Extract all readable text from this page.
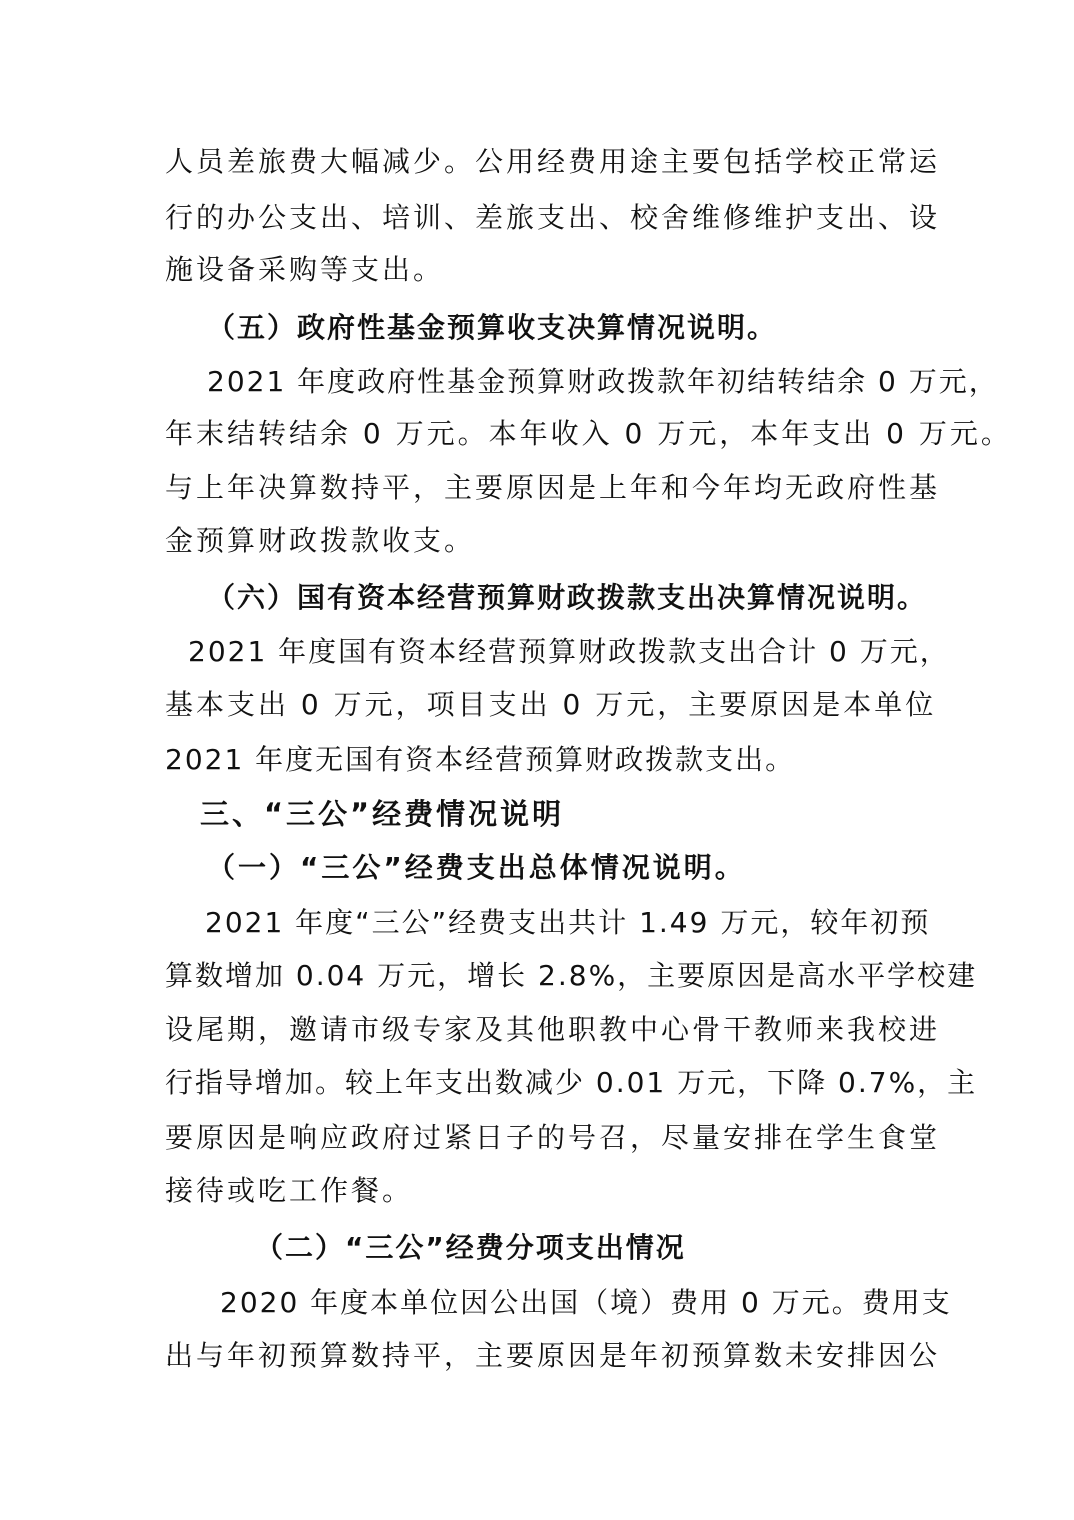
人员差旅费大幅减少。公用经费用途主要包括学校正常运
行的办公支出、培训、差旅支出、校舍维修维护支出、设
施设备采购等支出。
（五）政府性基金预算收支决算情况说明。
2021 年度政府性基金预算财政拨款年初结转结余 0 万元，
年末结转结余 0 万元。本年收入 0 万元，本年支出 0 万元。
与上年决算数持平，主要原因是上年和今年均无政府性基
金预算财政拨款收支。
（六）国有资本经营预算财政拨款支出决算情况说明。
2021 年度国有资本经营预算财政拨款支出合计 0 万元，
基本支出 0 万元，项目支出 0 万元，主要原因是本单位
2021 年度无国有资本经营预算财政拨款支出。
三、“三公”经费情况说明
（一）“三公”经费支出总体情况说明。
2021 年度“三公”经费支出共计 1.49 万元，较年初预
算数增加 0.04 万元，增长 2.8%，主要原因是高水平学校建
设尾期，邀请市级专家及其他职教中心骨干教师来我校进
行指导增加。较上年支出数减少 0.01 万元，下降 0.7%，主
要原因是响应政府过紧日子的号召，尽量安排在学生食堂
接待或吃工作餐。
（二）“三公”经费分项支出情况
2020 年度本单位因公出国（境）费用 0 万元。费用支
出与年初预算数持平，主要原因是年初预算数未安排因公
